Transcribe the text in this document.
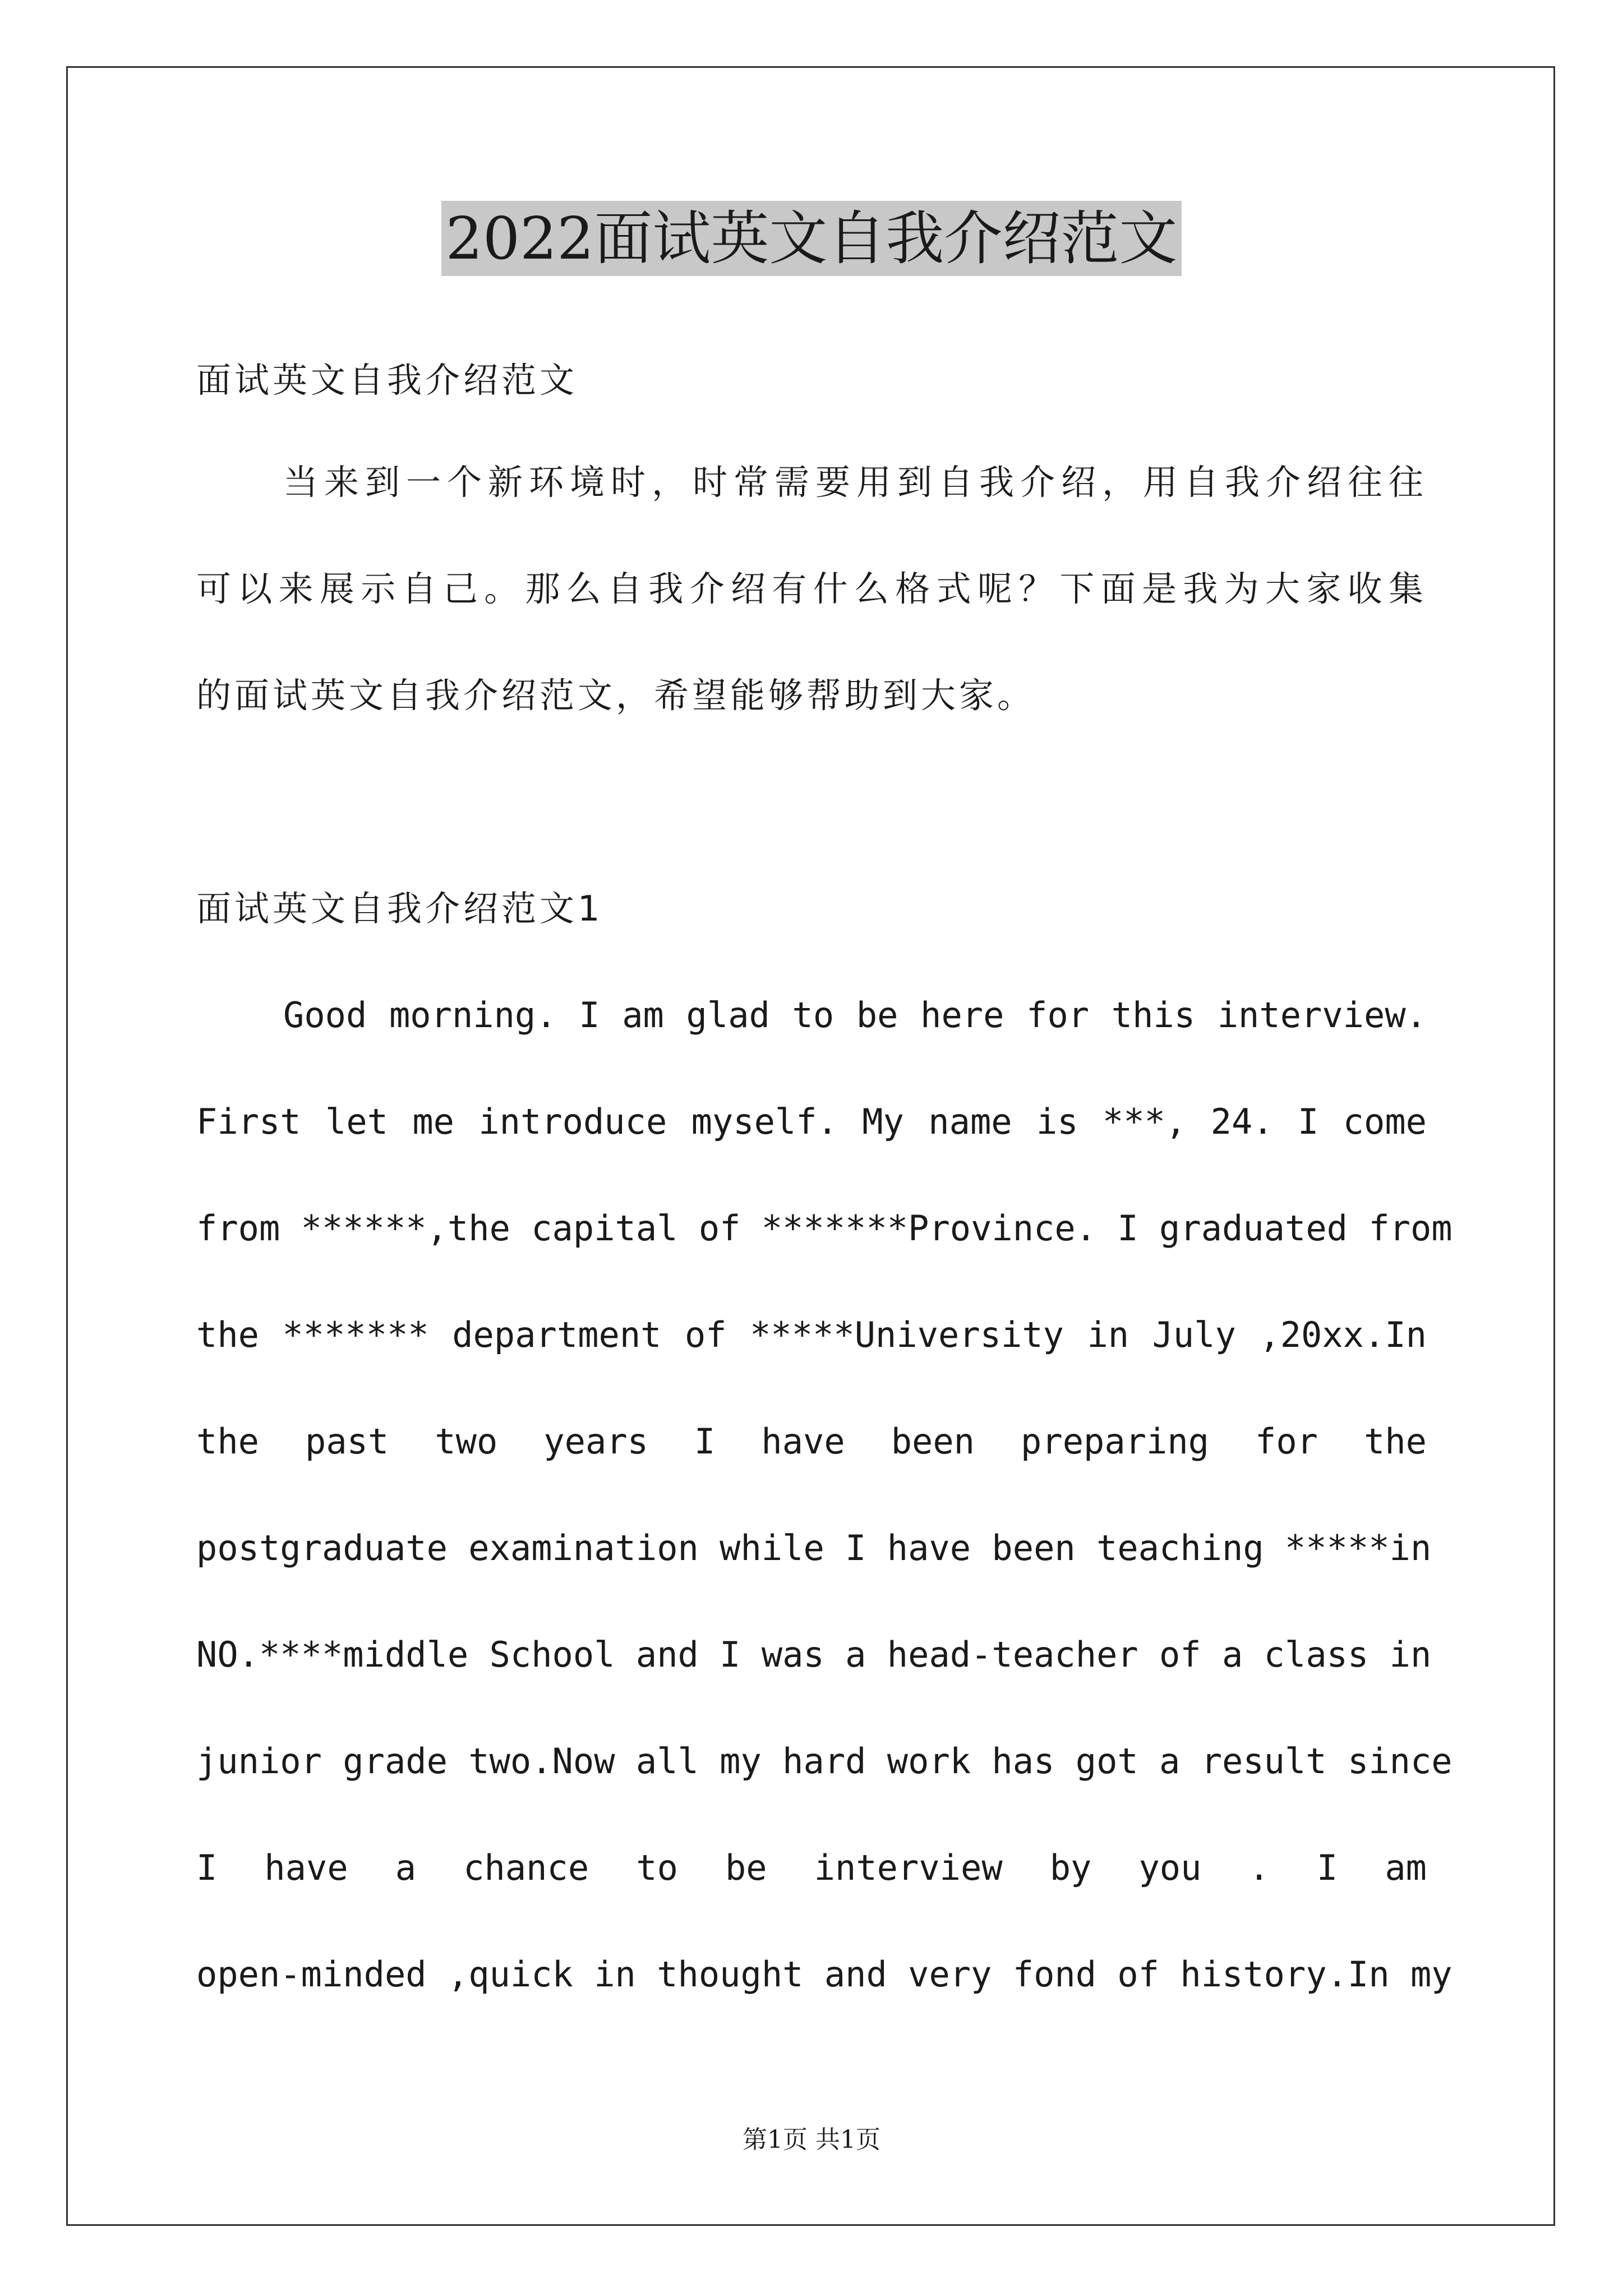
2022面试英文自我介绍范文
面试英文自我介绍范文
当来到一个新环境时，时常需要用到自我介绍，用自我介绍往往
可以来展示自己。那么自我介绍有什么格式呢？下面是我为大家收集
的面试英文自我介绍范文，希望能够帮助到大家。
面试英文自我介绍范文1
Good morning. I am glad to be here for this interview.
First let me introduce myself. My name is ***, 24. I come
from ******,the capital of *******Province. I graduated from
the ******* department of *****University in July ,20xx.In
the past two years I have been preparing for the
postgraduate examination while I have been teaching *****in
NO.****middle School and I was a head-teacher of a class in
junior grade two.Now all my hard work has got a result since
I have a chance to be interview by you . I am
open-minded ,quick in thought and very fond of history.In my
第1页 共1页
